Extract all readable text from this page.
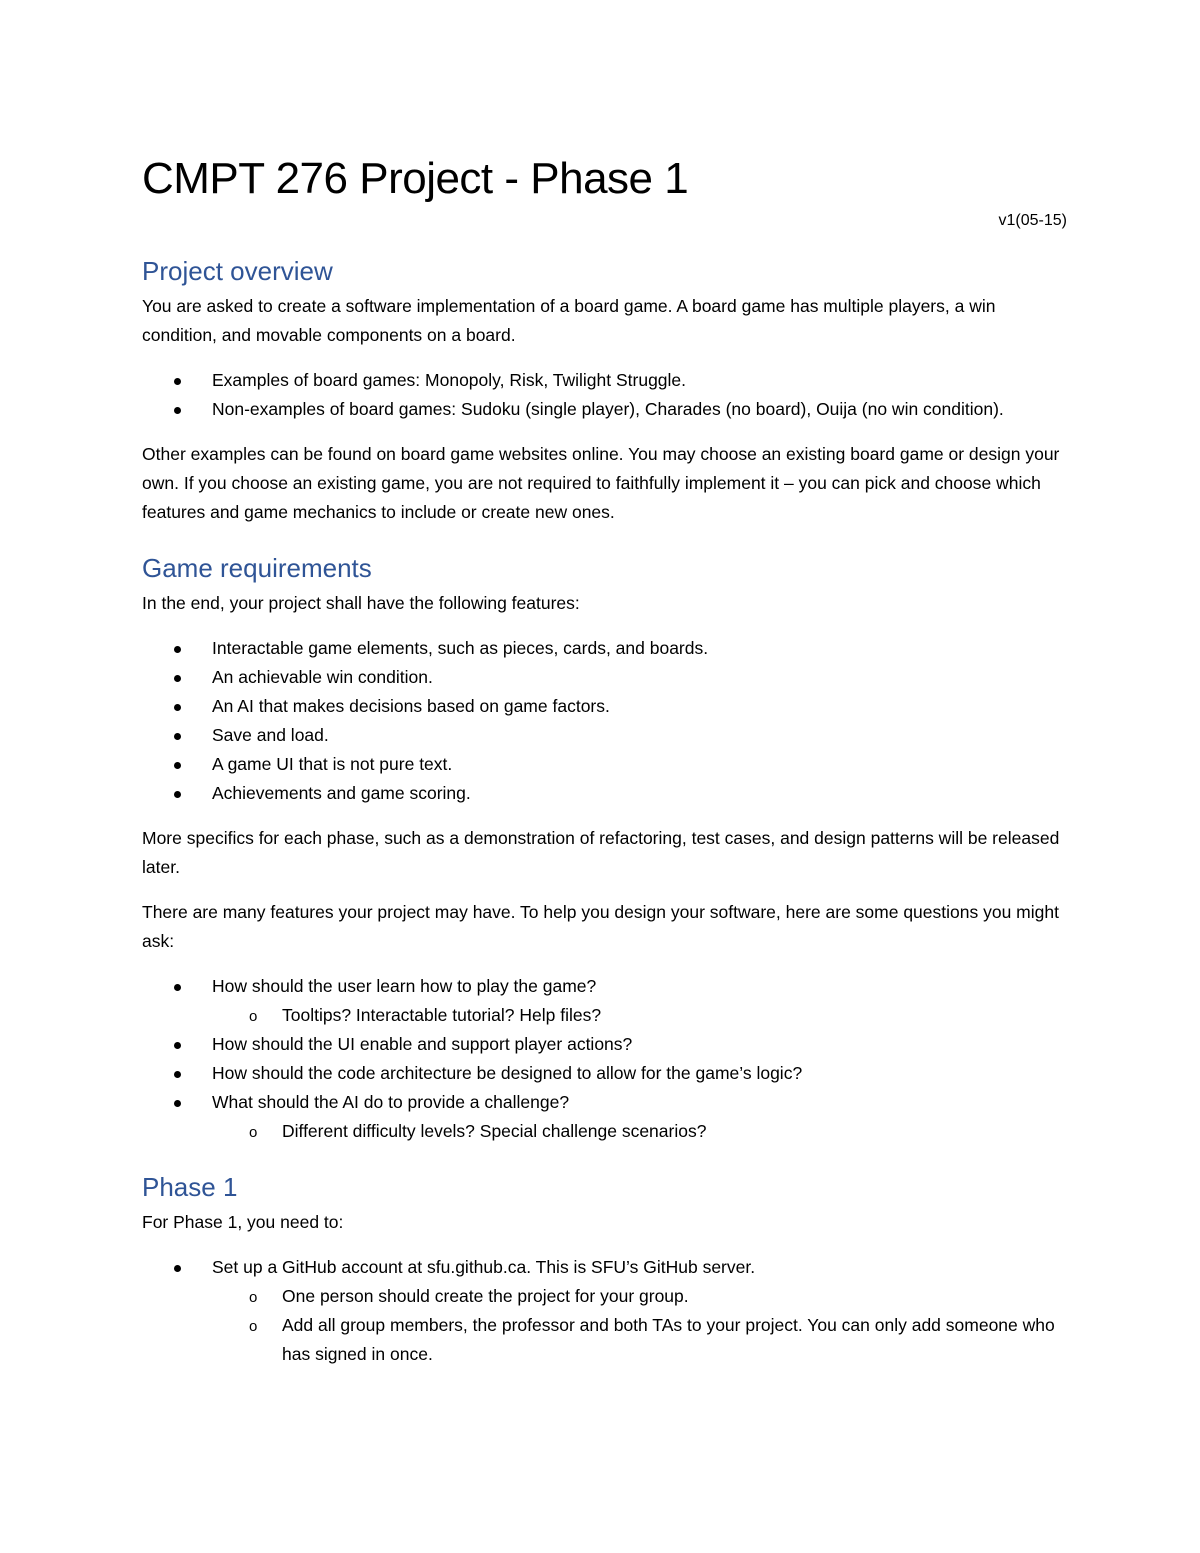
CMPT 276 Project - Phase 1
v1(05-15)
Project overview

You are asked to create a software implementation of a board game. A board game has multiple players, a win condition, and movable components on a board.

Examples of board games: Monopoly, Risk, Twilight Struggle.
Non-examples of board games: Sudoku (single player), Charades (no board), Ouija (no win condition).

Other examples can be found on board game websites online. You may choose an existing board game or design your own. If you choose an existing game, you are not required to faithfully implement it – you can pick and choose which features and game mechanics to include or create new ones.

Game requirements

In the end, your project shall have the following features:

Interactable game elements, such as pieces, cards, and boards.
An achievable win condition.
An AI that makes decisions based on game factors.
Save and load.
A game UI that is not pure text.
Achievements and game scoring.

More specifics for each phase, such as a demonstration of refactoring, test cases, and design patterns will be released later.

There are many features your project may have. To help you design your software, here are some questions you might ask:

How should the user learn how to play the game?
o Tooltips? Interactable tutorial? Help files?
How should the UI enable and support player actions?
How should the code architecture be designed to allow for the game’s logic?
What should the AI do to provide a challenge?
o Different difficulty levels? Special challenge scenarios?
Phase 1

For Phase 1, you need to:

Set up a GitHub account at sfu.github.ca. This is SFU’s GitHub server.
o One person should create the project for your group.
o Add all group members, the professor and both TAs to your project. You can only add someone who has signed in once.
